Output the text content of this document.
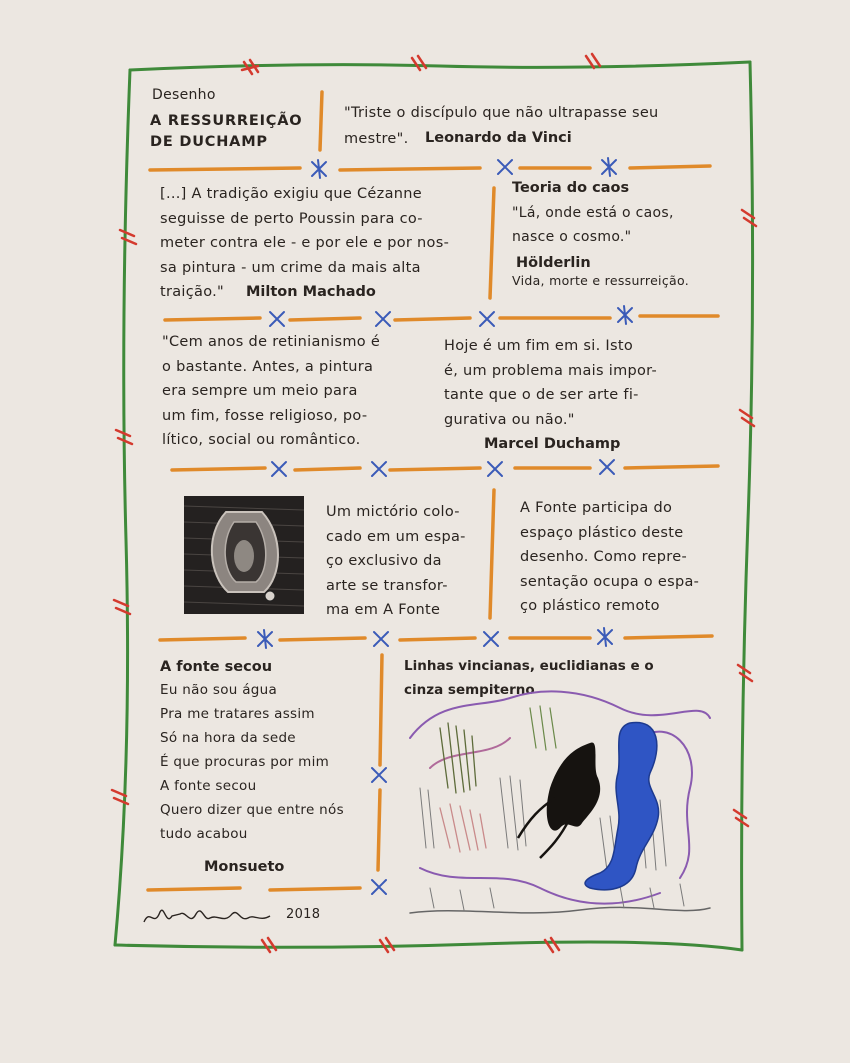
Desenho

A RESSURREIÇÃO

DE DUCHAMP

"Triste o discípulo que não ultrapasse seu

mestre". Leonardo da Vinci

[...] A tradição exigiu que Cézanne

seguisse de perto Poussin para co-

meter contra ele - e por ele e por nos-

sa pintura - um crime da mais alta

traição." Milton Machado

Teoria do caos

"Lá, onde está o caos,

nasce o cosmo."

Hölderlin

Vida, morte e ressurreição.

"Cem anos de retinianismo é

o bastante. Antes, a pintura

era sempre um meio para

um fim, fosse religioso, po-

lítico, social ou romântico.

Hoje é um fim em si. Isto

é, um problema mais impor-

tante que o de ser arte fi-

gurativa ou não."

Marcel Duchamp

Um mictório colo-

cado em um espa-

ço exclusivo da

arte se transfor-

ma em A Fonte

A Fonte participa do

espaço plástico deste

desenho. Como repre-

sentação ocupa o espa-

ço plástico remoto

A fonte secou

Eu não sou água

Pra me tratares assim

Só na hora da sede

É que procuras por mim

A fonte secou

Quero dizer que entre nós

tudo acabou

Monsueto

Linhas vincianas, euclidianas e o

cinza sempiterno

2018
